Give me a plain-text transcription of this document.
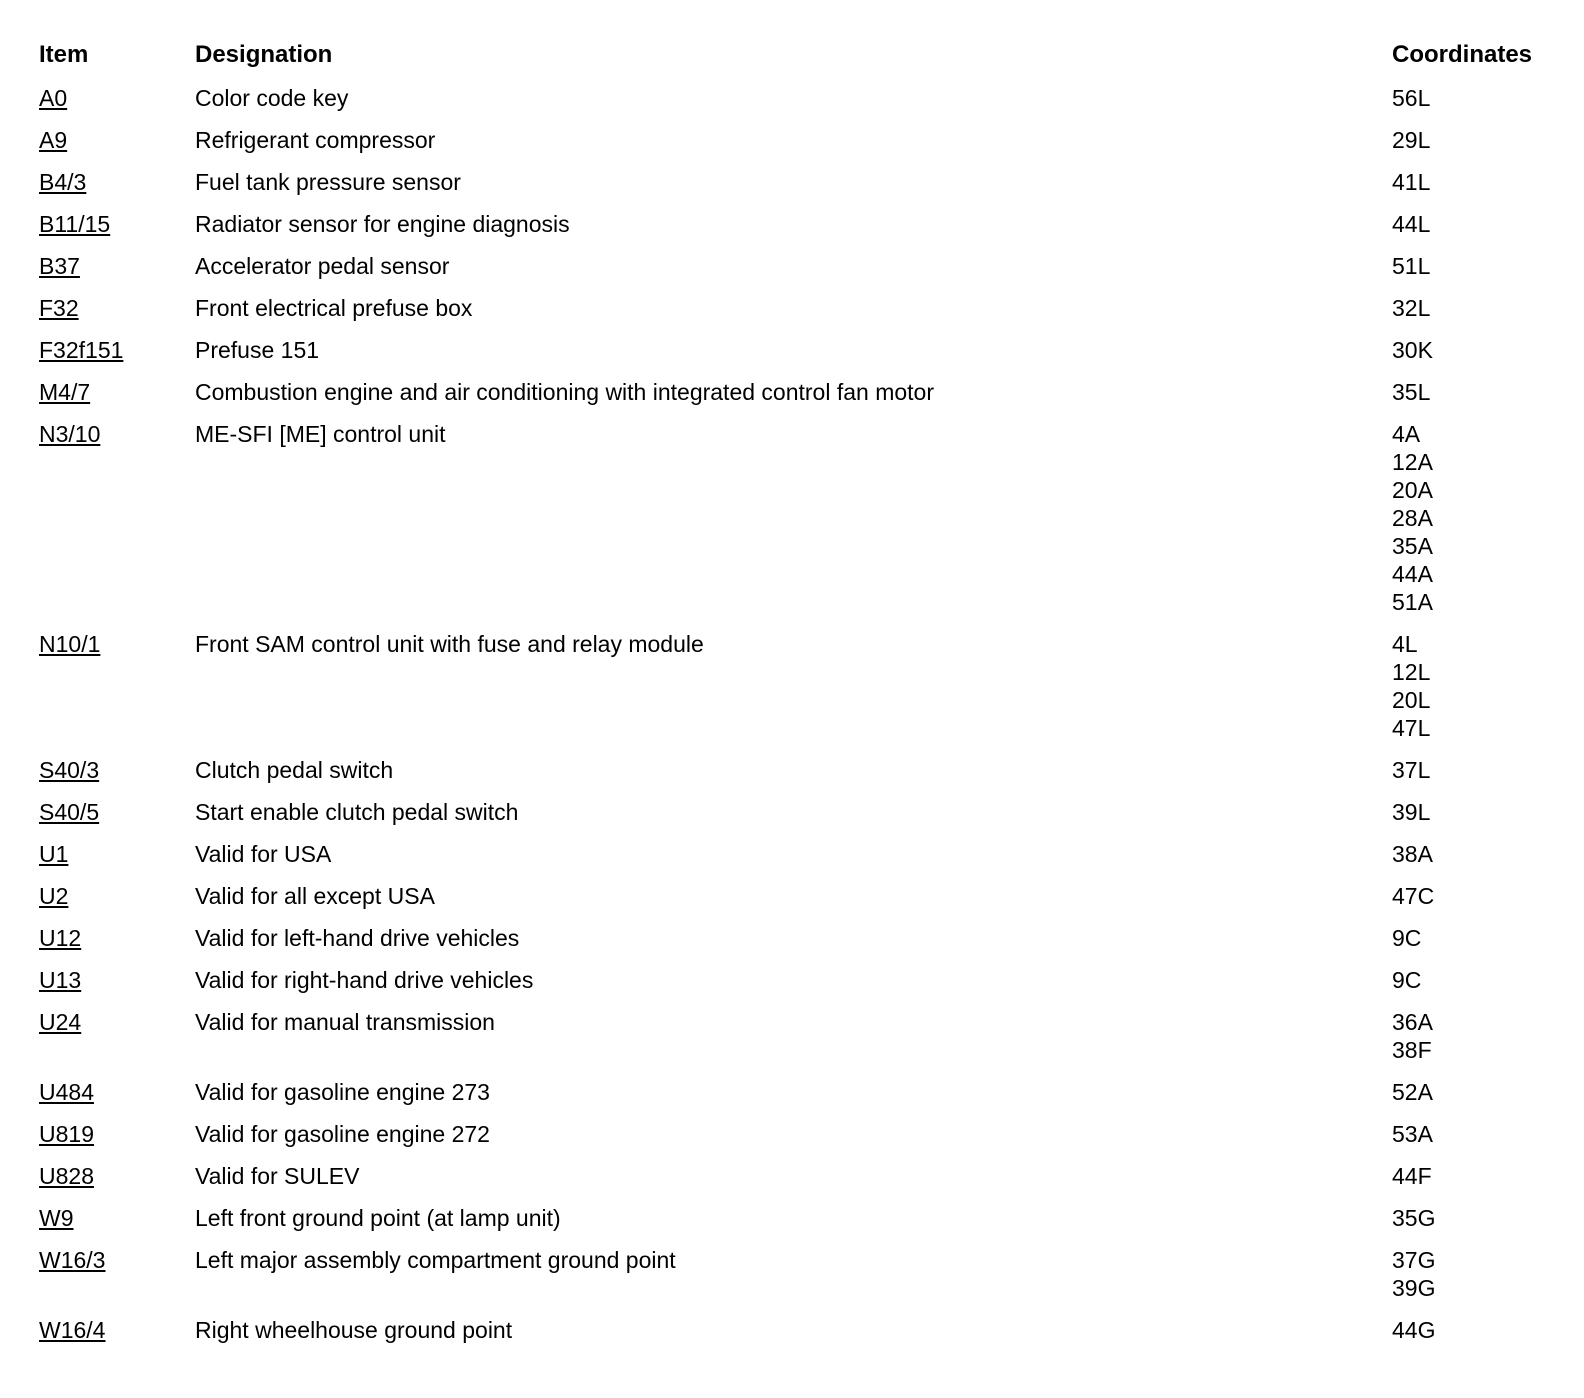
Item	Designation	Coordinates
A0	Color code key	56L
A9	Refrigerant compressor	29L
B4/3	Fuel tank pressure sensor	41L
B11/15	Radiator sensor for engine diagnosis	44L
B37	Accelerator pedal sensor	51L
F32	Front electrical prefuse box	32L
F32f151	Prefuse 151	30K
M4/7	Combustion engine and air conditioning with integrated control fan motor	35L
N3/10	ME-SFI [ME] control unit	4A
12A
20A
28A
35A
44A
51A
N10/1	Front SAM control unit with fuse and relay module	4L
12L
20L
47L
S40/3	Clutch pedal switch	37L
S40/5	Start enable clutch pedal switch	39L
U1	Valid for USA	38A
U2	Valid for all except USA	47C
U12	Valid for left-hand drive vehicles	9C
U13	Valid for right-hand drive vehicles	9C
U24	Valid for manual transmission	36A
38F
U484	Valid for gasoline engine 273	52A
U819	Valid for gasoline engine 272	53A
U828	Valid for SULEV	44F
W9	Left front ground point (at lamp unit)	35G
W16/3	Left major assembly compartment ground point	37G
39G
W16/4	Right wheelhouse ground point	44G
